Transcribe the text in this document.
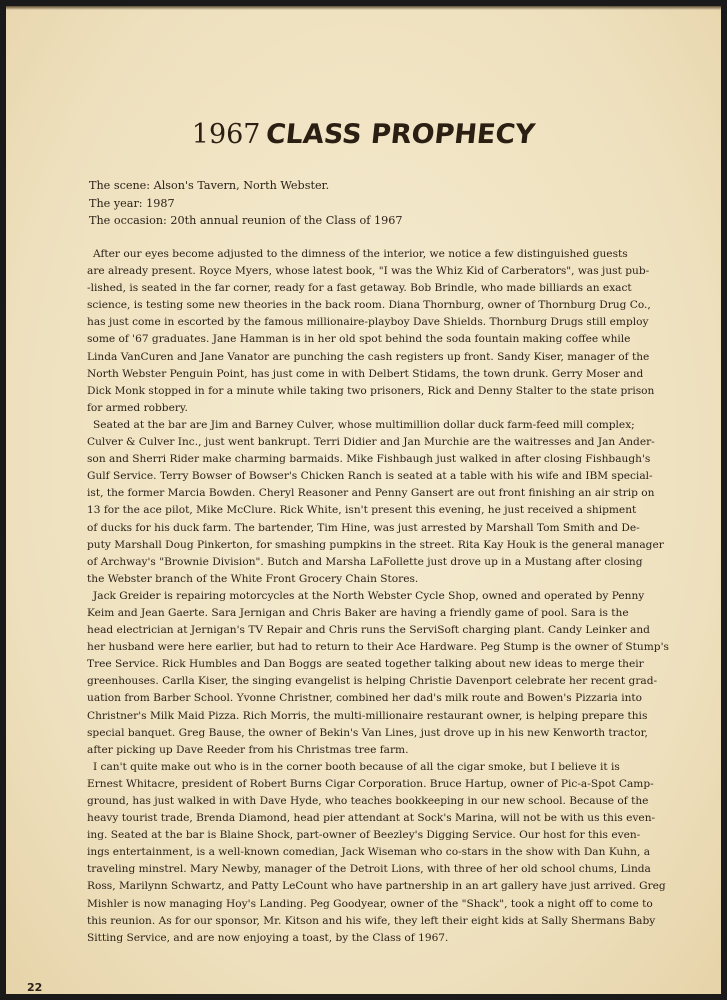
1967 CLASS PROPHECY
The scene: Alson's Tavern, North Webster.
The year: 1987
The occasion: 20th annual reunion of the Class of 1967
After our eyes become adjusted to the dimness of the interior, we notice a few distinguished guests
are already present. Royce Myers, whose latest book, "I was the Whiz Kid of Carberators", was just pub-
-lished, is seated in the far corner, ready for a fast getaway. Bob Brindle, who made billiards an exact
science, is testing some new theories in the back room. Diana Thornburg, owner of Thornburg Drug Co.,
has just come in escorted by the famous millionaire-playboy Dave Shields. Thornburg Drugs still employ
some of '67 graduates. Jane Hamman is in her old spot behind the soda fountain making coffee while
Linda VanCuren and Jane Vanator are punching the cash registers up front. Sandy Kiser, manager of the
North Webster Penguin Point, has just come in with Delbert Stidams, the town drunk. Gerry Moser and
Dick Monk stopped in for a minute while taking two prisoners, Rick and Denny Stalter to the state prison
for armed robbery.
Seated at the bar are Jim and Barney Culver, whose multimillion dollar duck farm-feed mill complex;
Culver & Culver Inc., just went bankrupt. Terri Didier and Jan Murchie are the waitresses and Jan Ander-
son and Sherri Rider make charming barmaids. Mike Fishbaugh just walked in after closing Fishbaugh's
Gulf Service. Terry Bowser of Bowser's Chicken Ranch is seated at a table with his wife and IBM special-
ist, the former Marcia Bowden. Cheryl Reasoner and Penny Gansert are out front finishing an air strip on
13 for the ace pilot, Mike McClure. Rick White, isn't present this evening, he just received a shipment
of ducks for his duck farm. The bartender, Tim Hine, was just arrested by Marshall Tom Smith and De-
puty Marshall Doug Pinkerton, for smashing pumpkins in the street. Rita Kay Houk is the general manager
of Archway's "Brownie Division". Butch and Marsha LaFollette just drove up in a Mustang after closing
the Webster branch of the White Front Grocery Chain Stores.
Jack Greider is repairing motorcycles at the North Webster Cycle Shop, owned and operated by Penny
Keim and Jean Gaerte. Sara Jernigan and Chris Baker are having a friendly game of pool. Sara is the
head electrician at Jernigan's TV Repair and Chris runs the ServiSoft charging plant. Candy Leinker and
her husband were here earlier, but had to return to their Ace Hardware. Peg Stump is the owner of Stump's
Tree Service. Rick Humbles and Dan Boggs are seated together talking about new ideas to merge their
greenhouses. Carlla Kiser, the singing evangelist is helping Christie Davenport celebrate her recent grad-
uation from Barber School. Yvonne Christner, combined her dad's milk route and Bowen's Pizzaria into
Christner's Milk Maid Pizza. Rich Morris, the multi-millionaire restaurant owner, is helping prepare this
special banquet. Greg Bause, the owner of Bekin's Van Lines, just drove up in his new Kenworth tractor,
after picking up Dave Reeder from his Christmas tree farm.
I can't quite make out who is in the corner booth because of all the cigar smoke, but I believe it is
Ernest Whitacre, president of Robert Burns Cigar Corporation. Bruce Hartup, owner of Pic-a-Spot Camp-
ground, has just walked in with Dave Hyde, who teaches bookkeeping in our new school. Because of the
heavy tourist trade, Brenda Diamond, head pier attendant at Sock's Marina, will not be with us this even-
ing. Seated at the bar is Blaine Shock, part-owner of Beezley's Digging Service. Our host for this even-
ings entertainment, is a well-known comedian, Jack Wiseman who co-stars in the show with Dan Kuhn, a
traveling minstrel. Mary Newby, manager of the Detroit Lions, with three of her old school chums, Linda
Ross, Marilynn Schwartz, and Patty LeCount who have partnership in an art gallery have just arrived. Greg
Mishler is now managing Hoy's Landing. Peg Goodyear, owner of the "Shack", took a night off to come to
this reunion. As for our sponsor, Mr. Kitson and his wife, they left their eight kids at Sally Shermans Baby
Sitting Service, and are now enjoying a toast, by the Class of 1967.
22
